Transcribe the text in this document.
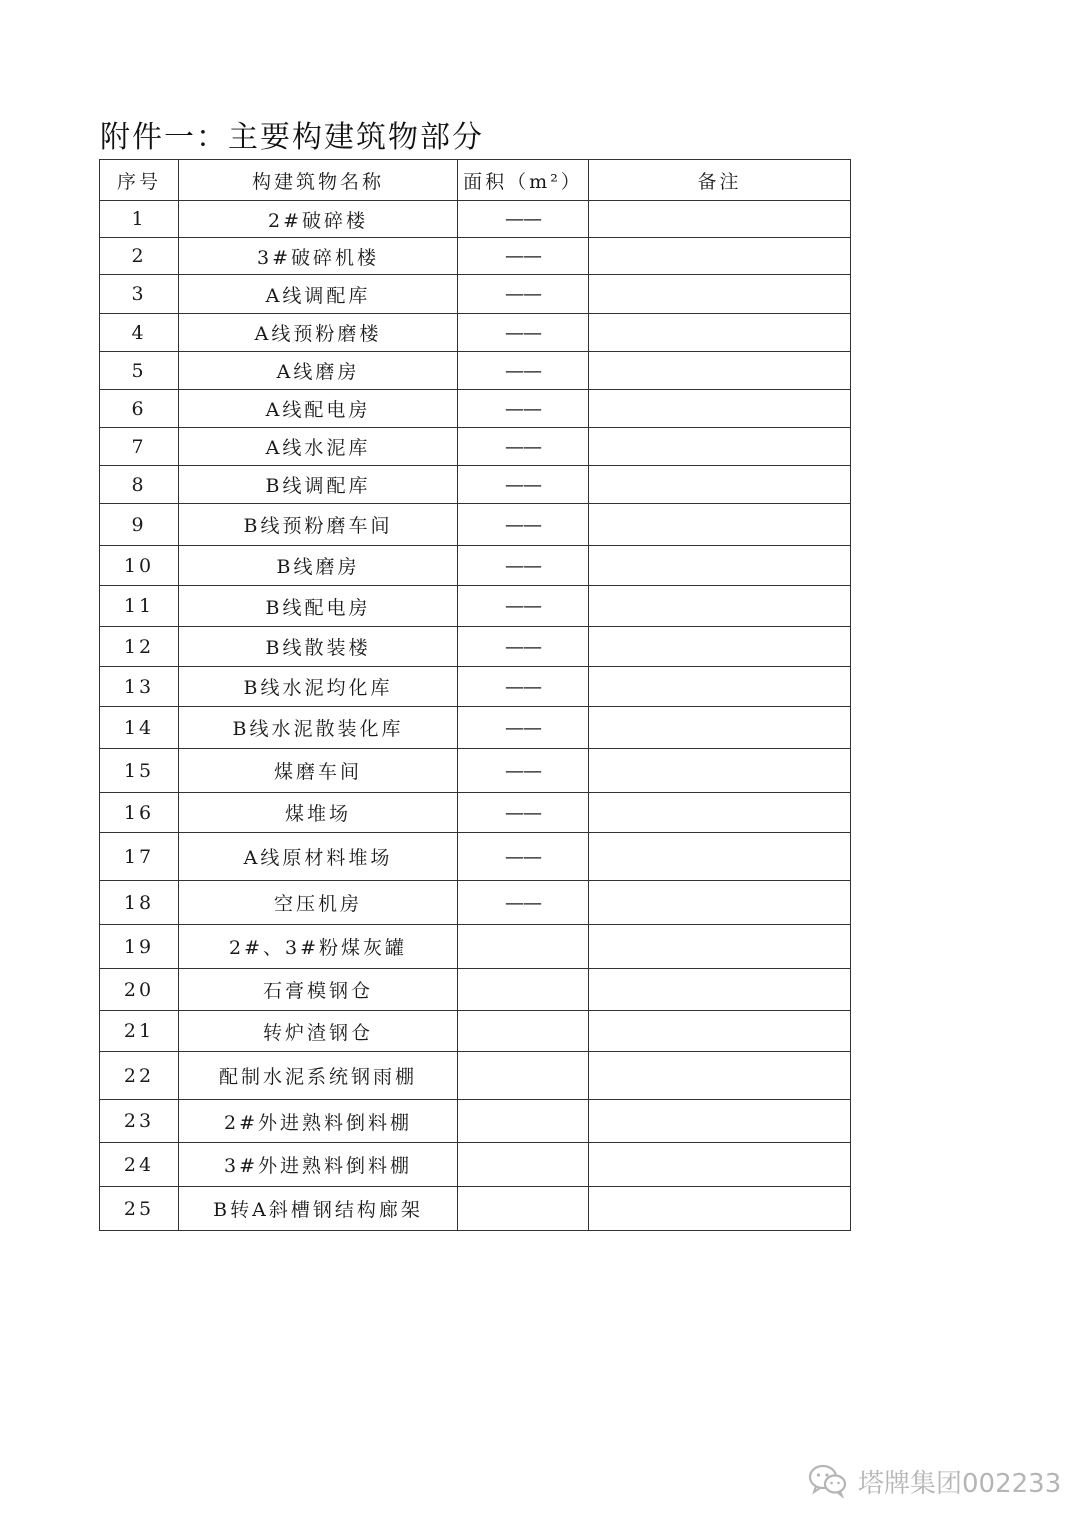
附件一：主要构建筑物部分
序号	构建筑物名称	面积（m²）	备注
1	2#破碎楼	——	
2	3#破碎机楼	——	
3	A线调配库	——	
4	A线预粉磨楼	——	
5	A线磨房	——	
6	A线配电房	——	
7	A线水泥库	——	
8	B线调配库	——	
9	B线预粉磨车间	——	
10	B线磨房	——	
11	B线配电房	——	
12	B线散装楼	——	
13	B线水泥均化库	——	
14	B线水泥散装化库	——	
15	煤磨车间	——	
16	煤堆场	——	
17	A线原材料堆场	——	
18	空压机房	——	
19	2#、3#粉煤灰罐		
20	石膏模钢仓		
21	转炉渣钢仓		
22	配制水泥系统钢雨棚		
23	2#外进熟料倒料棚		
24	3#外进熟料倒料棚		
25	B转A斜槽钢结构廊架		
塔牌集团002233
